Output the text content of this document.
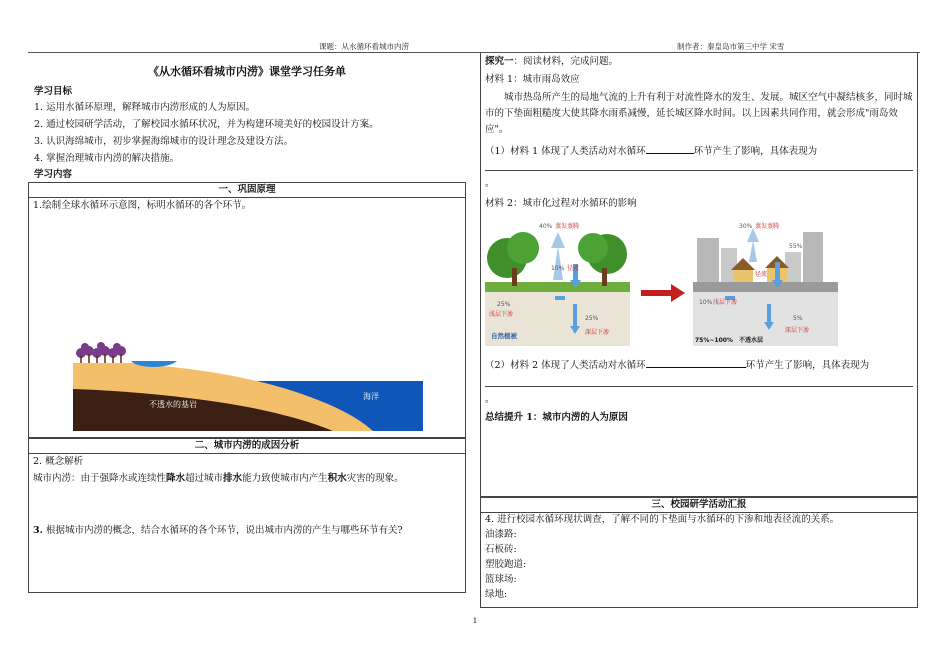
课题：从水循环看城市内涝	制作者：秦皇岛市第三中学 宋雪
《从水循环看城市内涝》课堂学习任务单
学习目标
1. 运用水循环原理，解释城市内涝形成的人为原因。
2. 通过校园研学活动，了解校园水循环状况，并为构建环境美好的校园设计方案。
3. 认识海绵城市，初步掌握海绵城市的设计理念及建设方法。
4. 掌握治理城市内涝的解决措施。
学习内容
一、巩固原理
1.绘制全球水循环示意图，标明水循环的各个环节。
不透水的基岩
海洋
二、城市内涝的成因分析
2. 概念解析
城市内涝：由于强降水或连续性降水超过城市排水能力致使城市内产生积水灾害的现象。
3. 根据城市内涝的概念，结合水循环的各个环节，说出城市内涝的产生与哪些环节有关?
探究一：阅读材料，完成问题。
材料 1：城市雨岛效应
城市热岛所产生的局地气流的上升有利于对流性降水的发生、发展。城区空气中凝结核多，同时城市的下垫面粗糙度大使其降水雨系减慢，延长城区降水时间。以上因素共同作用，就会形成"雨岛效应"。
（1）材料 1 体现了人类活动对水循环	环节产生了影响，具体表现为
。
材料 2：城市化过程对水循环的影响
40% 蒸发蒸腾
10% 径流
25%
浅层下渗
25%
深层下渗
自然植被
30% 蒸发蒸腾
55%
径流
10% 浅层下渗
5%
深层下渗
75%~100% 不透水层
（2）材料 2 体现了人类活动对水循环	环节产生了影响，具体表现为
。
总结提升 1：城市内涝的人为原因
三、校园研学活动汇报
4. 进行校园水循环现状调查，了解不同的下垫面与水循环的下渗和地表径流的关系。
油漆路:
石板砖:
塑胶跑道:
篮球场:
绿地:
1
